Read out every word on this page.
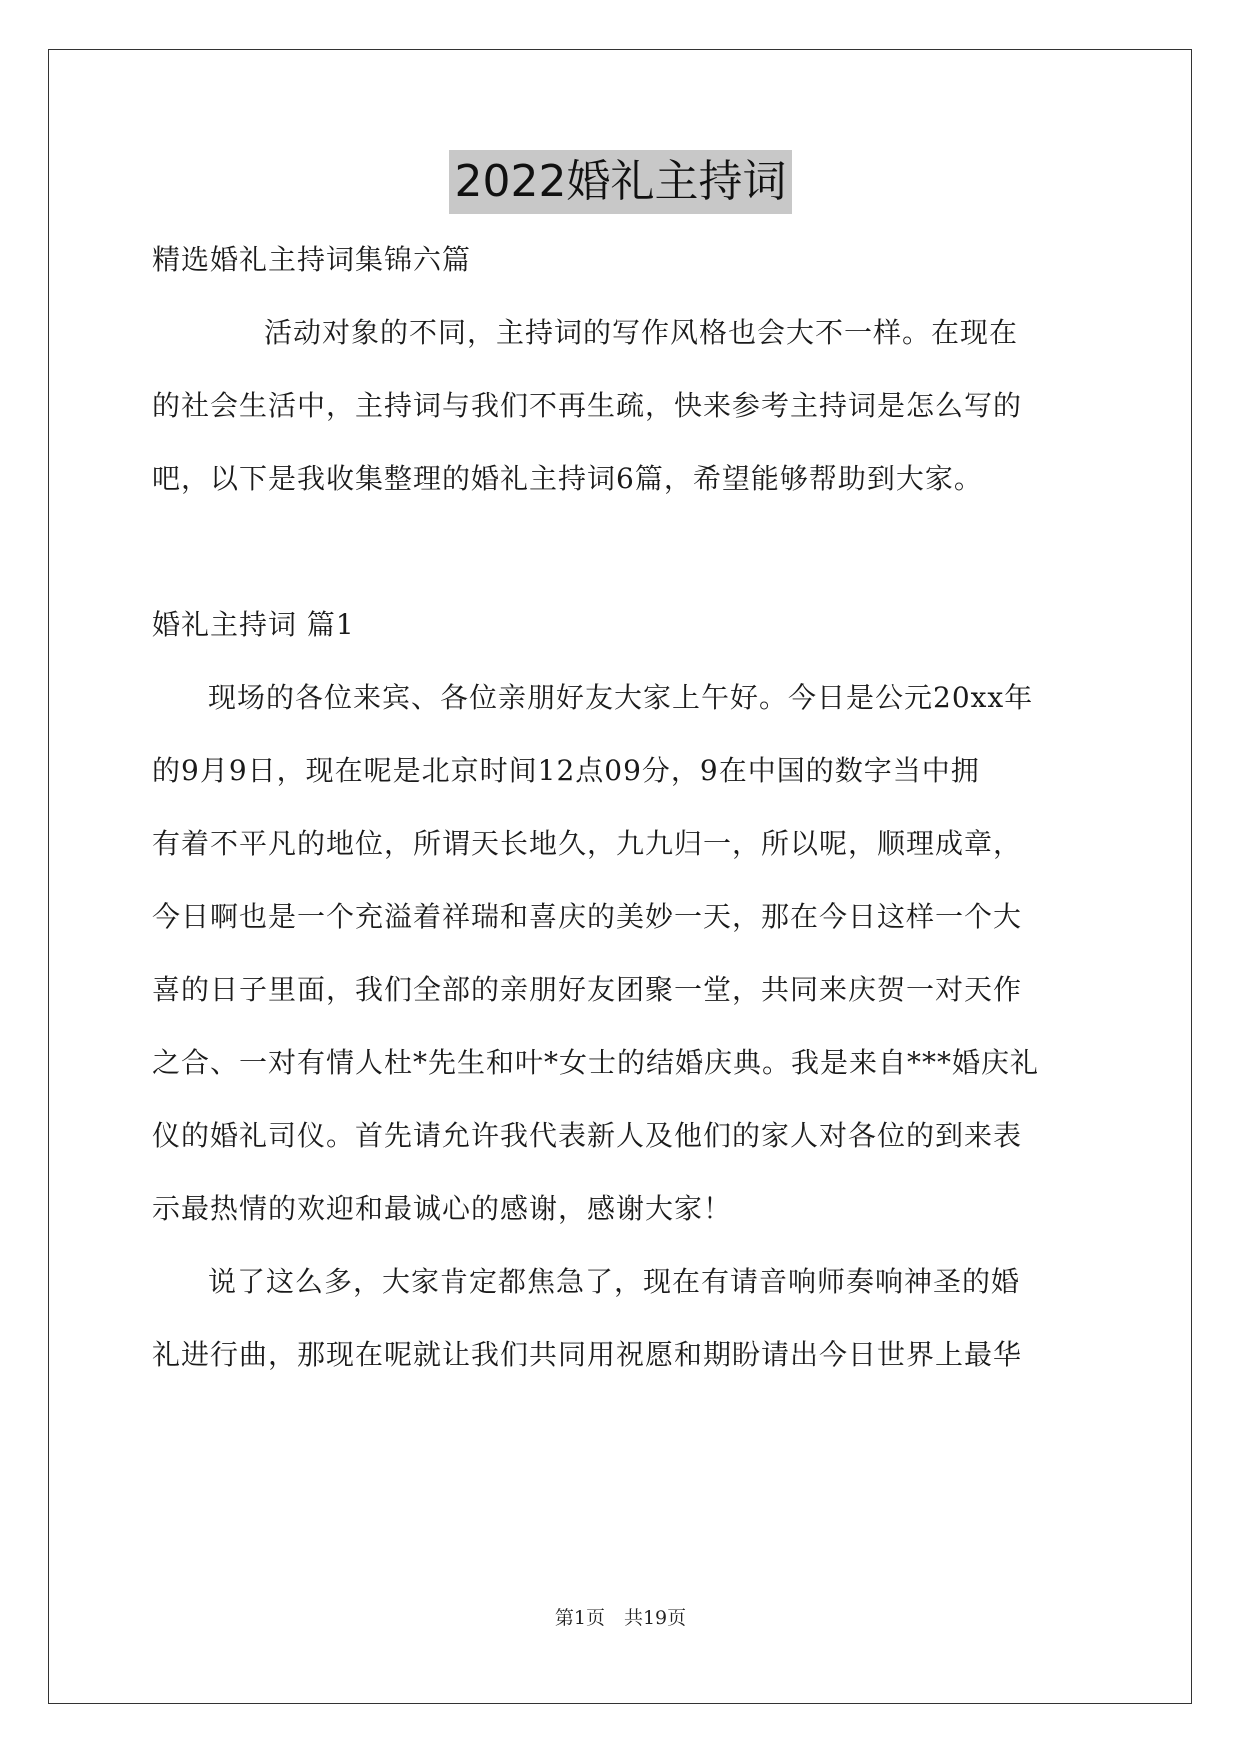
2022婚礼主持词
精选婚礼主持词集锦六篇
活动对象的不同，主持词的写作风格也会大不一样。在现在
的社会生活中，主持词与我们不再生疏，快来参考主持词是怎么写的
吧，以下是我收集整理的婚礼主持词6篇，希望能够帮助到大家。
婚礼主持词 篇1
现场的各位来宾、各位亲朋好友大家上午好。今日是公元20xx年
的9月9日，现在呢是北京时间12点09分，9在中国的数字当中拥
有着不平凡的地位，所谓天长地久，九九归一，所以呢，顺理成章，
今日啊也是一个充溢着祥瑞和喜庆的美妙一天，那在今日这样一个大
喜的日子里面，我们全部的亲朋好友团聚一堂，共同来庆贺一对天作
之合、一对有情人杜*先生和叶*女士的结婚庆典。我是来自***婚庆礼
仪的婚礼司仪。首先请允许我代表新人及他们的家人对各位的到来表
示最热情的欢迎和最诚心的感谢，感谢大家！
说了这么多，大家肯定都焦急了，现在有请音响师奏响神圣的婚
礼进行曲，那现在呢就让我们共同用祝愿和期盼请出今日世界上最华
第1页　共19页
